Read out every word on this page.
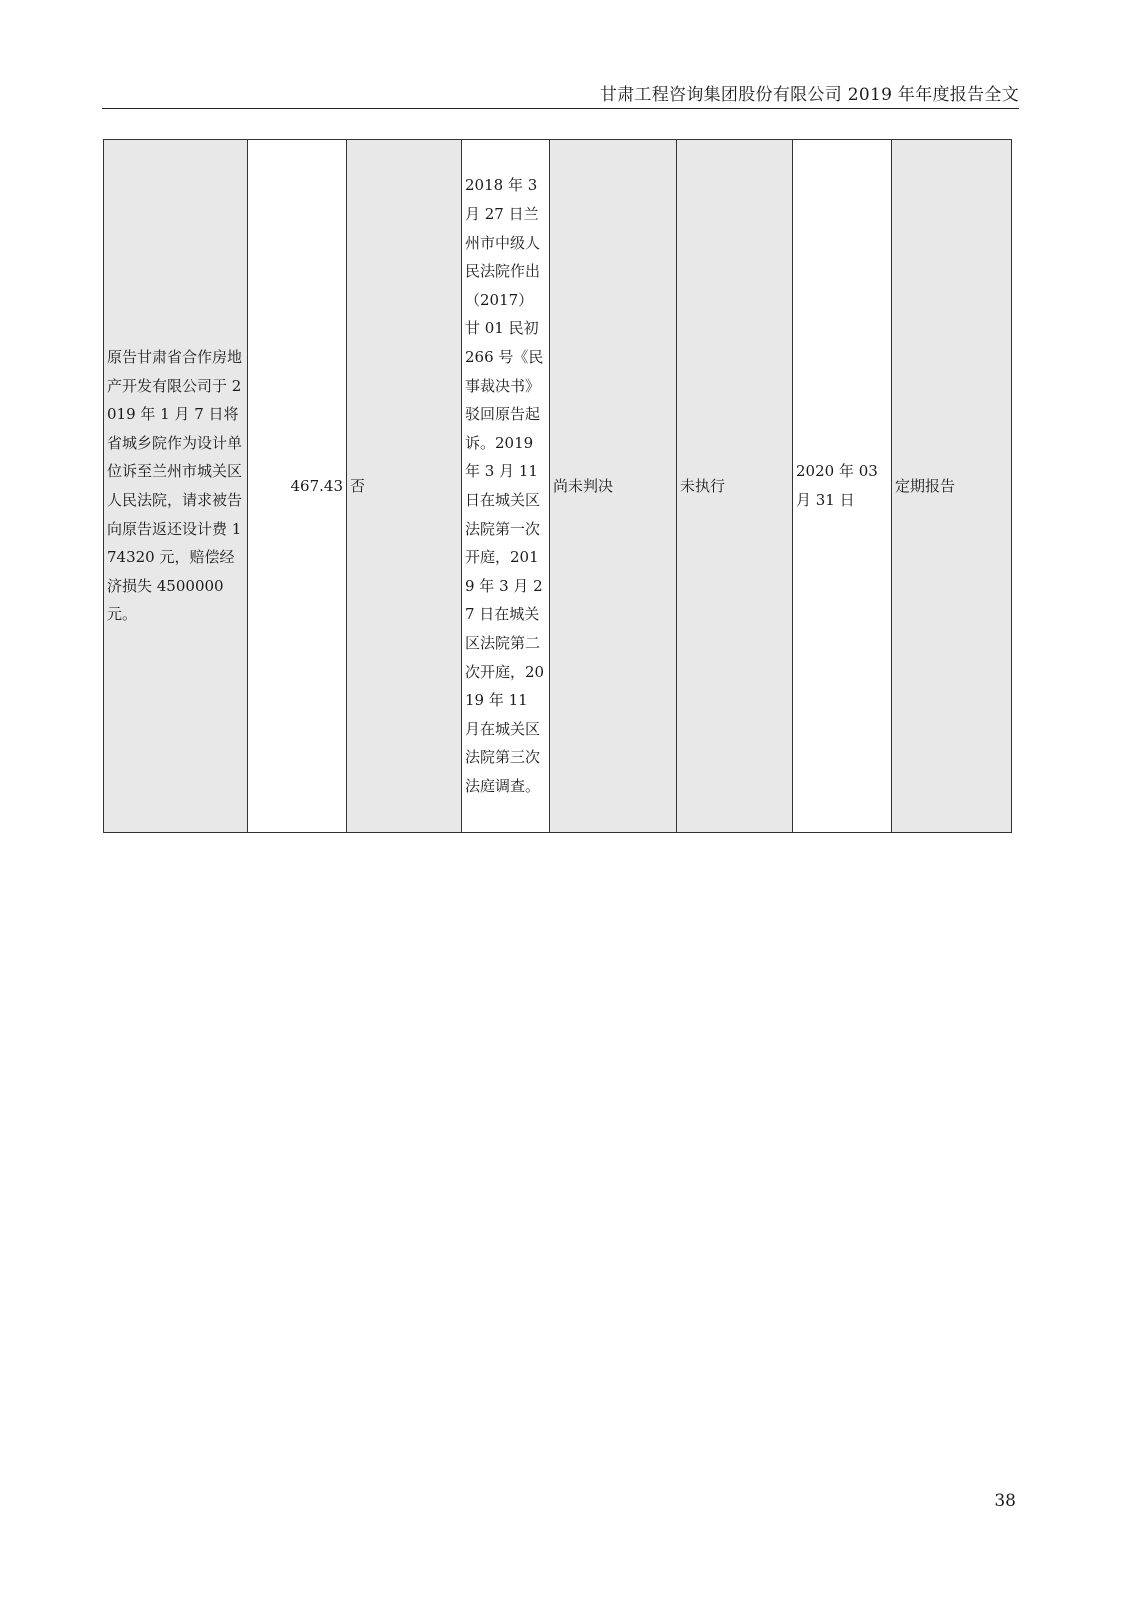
甘肃工程咨询集团股份有限公司 2019 年年度报告全文
原告甘肃省合作房地产开发有限公司于 2019 年 1 月 7 日将省城乡院作为设计单位诉至兰州市城关区人民法院，请求被告向原告返还设计费 174320 元，赔偿经济损失 4500000 元。	467.43	否	2018 年 3 月 27 日兰州市中级人民法院作出（2017）甘 01 民初 266 号《民事裁决书》驳回原告起诉。2019 年 3 月 11 日在城关区法院第一次开庭，2019 年 3 月 27 日在城关区法院第二次开庭，2019 年 11 月在城关区法院第三次法庭调查。	尚未判决	未执行	2020 年 03 月 31 日	定期报告
38
